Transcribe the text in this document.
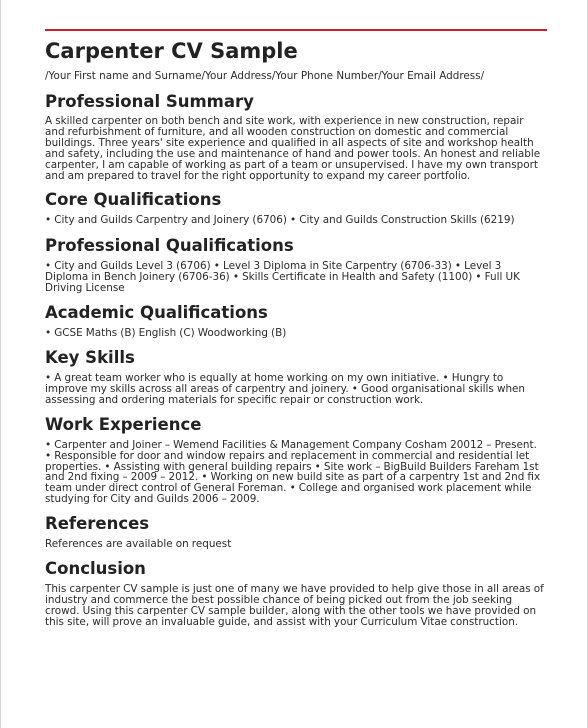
Carpenter CV Sample

/Your First name and Surname/Your Address/Your Phone Number/Your Email Address/

Professional Summary

A skilled carpenter on both bench and site work, with experience in new construction, repair and refurbishment of furniture, and all wooden construction on domestic and commercial buildings. Three years' site experience and qualified in all aspects of site and workshop health and safety, including the use and maintenance of hand and power tools. An honest and reliable carpenter, I am capable of working as part of a team or unsupervised. I have my own transport and am prepared to travel for the right opportunity to expand my career portfolio.

Core Qualifications

• City and Guilds Carpentry and Joinery (6706) • City and Guilds Construction Skills (6219)

Professional Qualifications

• City and Guilds Level 3 (6706) • Level 3 Diploma in Site Carpentry (6706-33) • Level 3 Diploma in Bench Joinery (6706-36) • Skills Certificate in Health and Safety (1100) • Full UK Driving License

Academic Qualifications

• GCSE Maths (B) English (C) Woodworking (B)

Key Skills

• A great team worker who is equally at home working on my own initiative. • Hungry to improve my skills across all areas of carpentry and joinery. • Good organisational skills when assessing and ordering materials for specific repair or construction work.

Work Experience

• Carpenter and Joiner – Wemend Facilities & Management Company Cosham 20012 – Present. • Responsible for door and window repairs and replacement in commercial and residential let properties. • Assisting with general building repairs • Site work – BigBuild Builders Fareham 1st and 2nd fixing – 2009 – 2012. • Working on new build site as part of a carpentry 1st and 2nd fix team under direct control of General Foreman. • College and organised work placement while studying for City and Guilds 2006 – 2009.

References

References are available on request

Conclusion

This carpenter CV sample is just one of many we have provided to help give those in all areas of industry and commerce the best possible chance of being picked out from the job seeking crowd. Using this carpenter CV sample builder, along with the other tools we have provided on this site, will prove an invaluable guide, and assist with your Curriculum Vitae construction.
